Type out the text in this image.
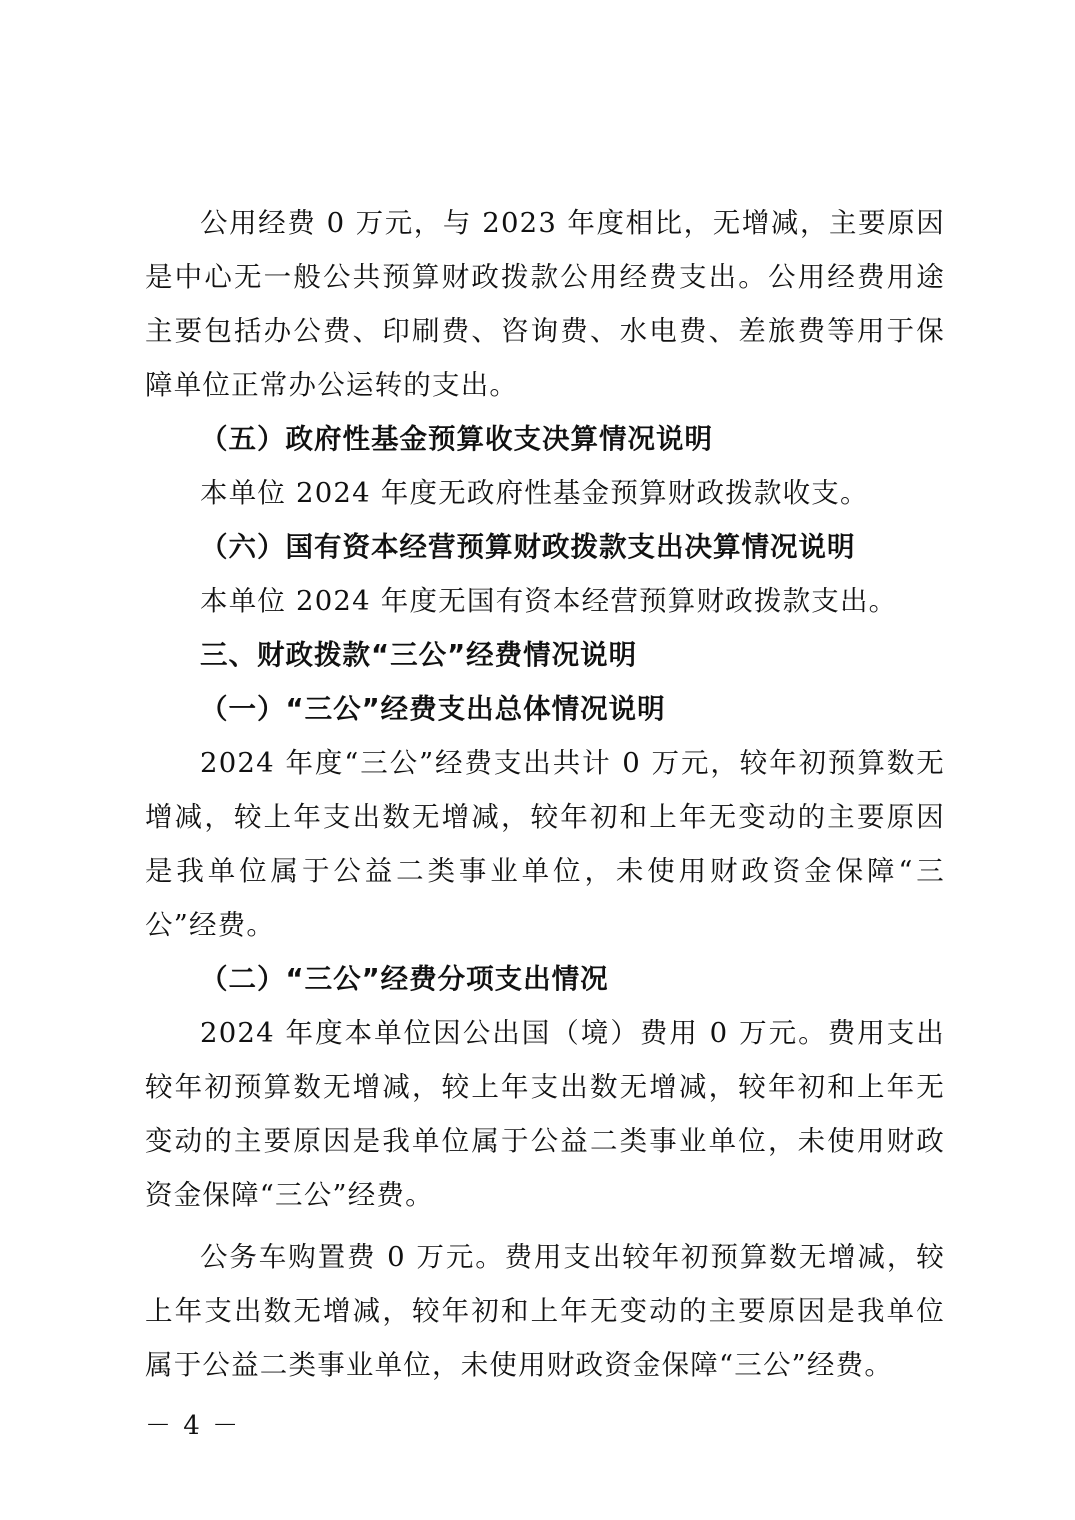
公用经费 0 万元，与 2023 年度相比，无增减，主要原因是中心无一般公共预算财政拨款公用经费支出。公用经费用途主要包括办公费、印刷费、咨询费、水电费、差旅费等用于保障单位正常办公运转的支出。

（五）政府性基金预算收支决算情况说明

本单位 2024 年度无政府性基金预算财政拨款收支。

（六）国有资本经营预算财政拨款支出决算情况说明

本单位 2024 年度无国有资本经营预算财政拨款支出。

三、财政拨款“三公”经费情况说明

（一）“三公”经费支出总体情况说明

2024 年度“三公”经费支出共计 0 万元，较年初预算数无增减，较上年支出数无增减，较年初和上年无变动的主要原因是我单位属于公益二类事业单位，未使用财政资金保障“三公”经费。

（二）“三公”经费分项支出情况

2024 年度本单位因公出国（境）费用 0 万元。费用支出较年初预算数无增减，较上年支出数无增减，较年初和上年无变动的主要原因是我单位属于公益二类事业单位，未使用财政资金保障“三公”经费。

公务车购置费 0 万元。费用支出较年初预算数无增减，较上年支出数无增减，较年初和上年无变动的主要原因是我单位属于公益二类事业单位，未使用财政资金保障“三公”经费。

－ 4 －
